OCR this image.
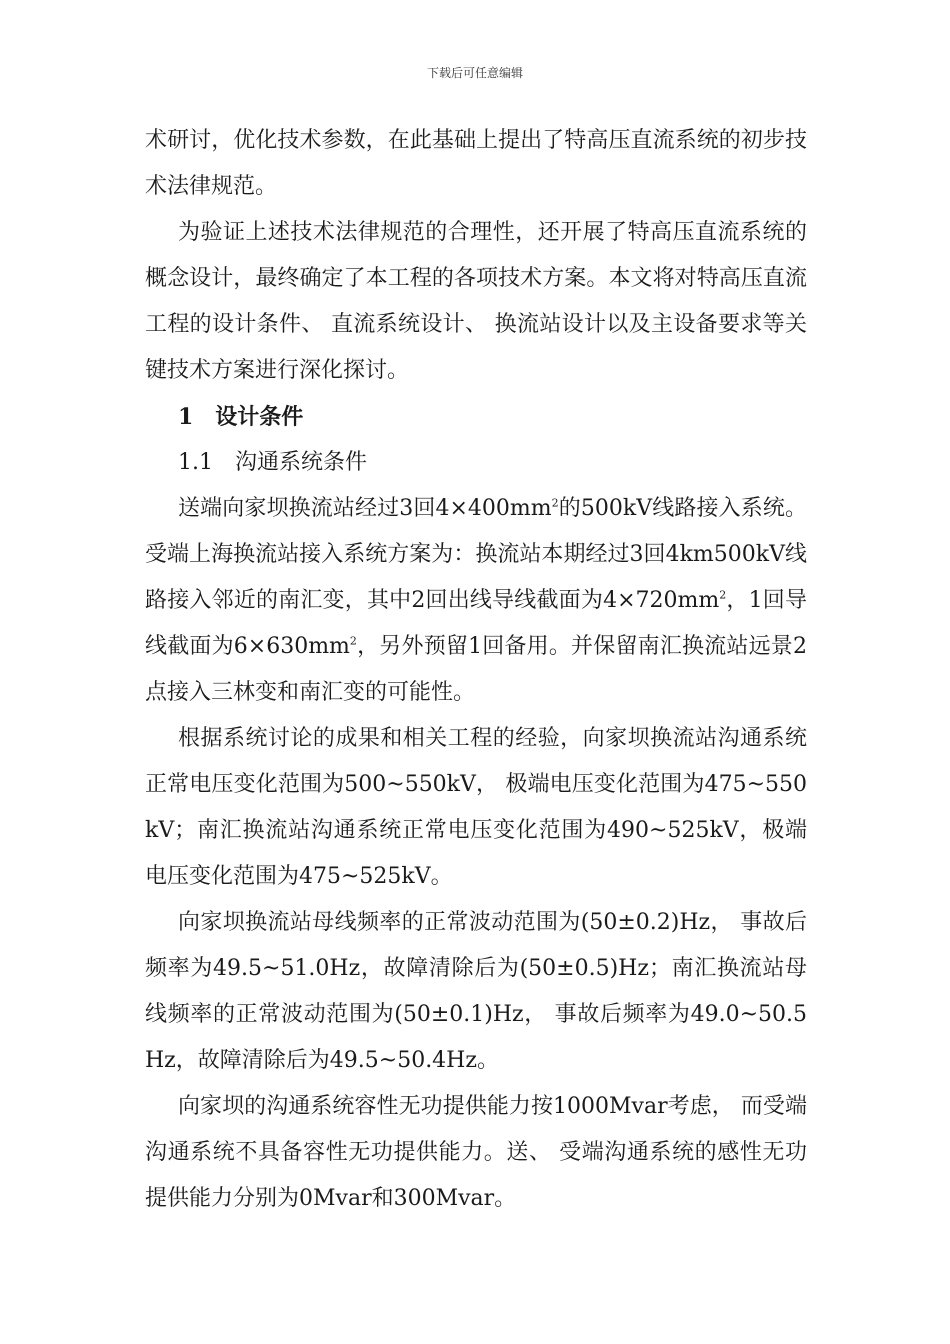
下载后可任意编辑

术研讨，优化技术参数，在此基础上提出了特高压直流系统的初步技术法律规范。

为验证上述技术法律规范的合理性，还开展了特高压直流系统的概念设计，最终确定了本工程的各项技术方案。本文将对特高压直流工程的设计条件、 直流系统设计、 换流站设计以及主设备要求等关键技术方案进行深化探讨。

1　设计条件

1.1　沟通系统条件

送端向家坝换流站经过3回$4\times 400mm^2$的500kV线路接入系统。受端上海换流站接入系统方案为：换流站本期经过3回4km500kV线路接入邻近的南汇变，其中2回出线导线截面为$4\times 720mm^2$，1回导线截面为$6\times 630mm^2$，另外预留1回备用。并保留南汇换流站远景2点接入三林变和南汇变的可能性。

根据系统讨论的成果和相关工程的经验，向家坝换流站沟通系统正常电压变化范围为500~550kV， 极端电压变化范围为475~550kV；南汇换流站沟通系统正常电压变化范围为490~525kV，极端电压变化范围为475~525kV。

向家坝换流站母线频率的正常波动范围为(50±0.2)Hz， 事故后频率为49.5~51.0Hz，故障清除后为(50±0.5)Hz；南汇换流站母线频率的正常波动范围为(50±0.1)Hz， 事故后频率为49.0~50.5Hz，故障清除后为49.5~50.4Hz。

向家坝的沟通系统容性无功提供能力按1000Mvar考虑， 而受端沟通系统不具备容性无功提供能力。送、 受端沟通系统的感性无功提供能力分别为0Mvar和300Mvar。
